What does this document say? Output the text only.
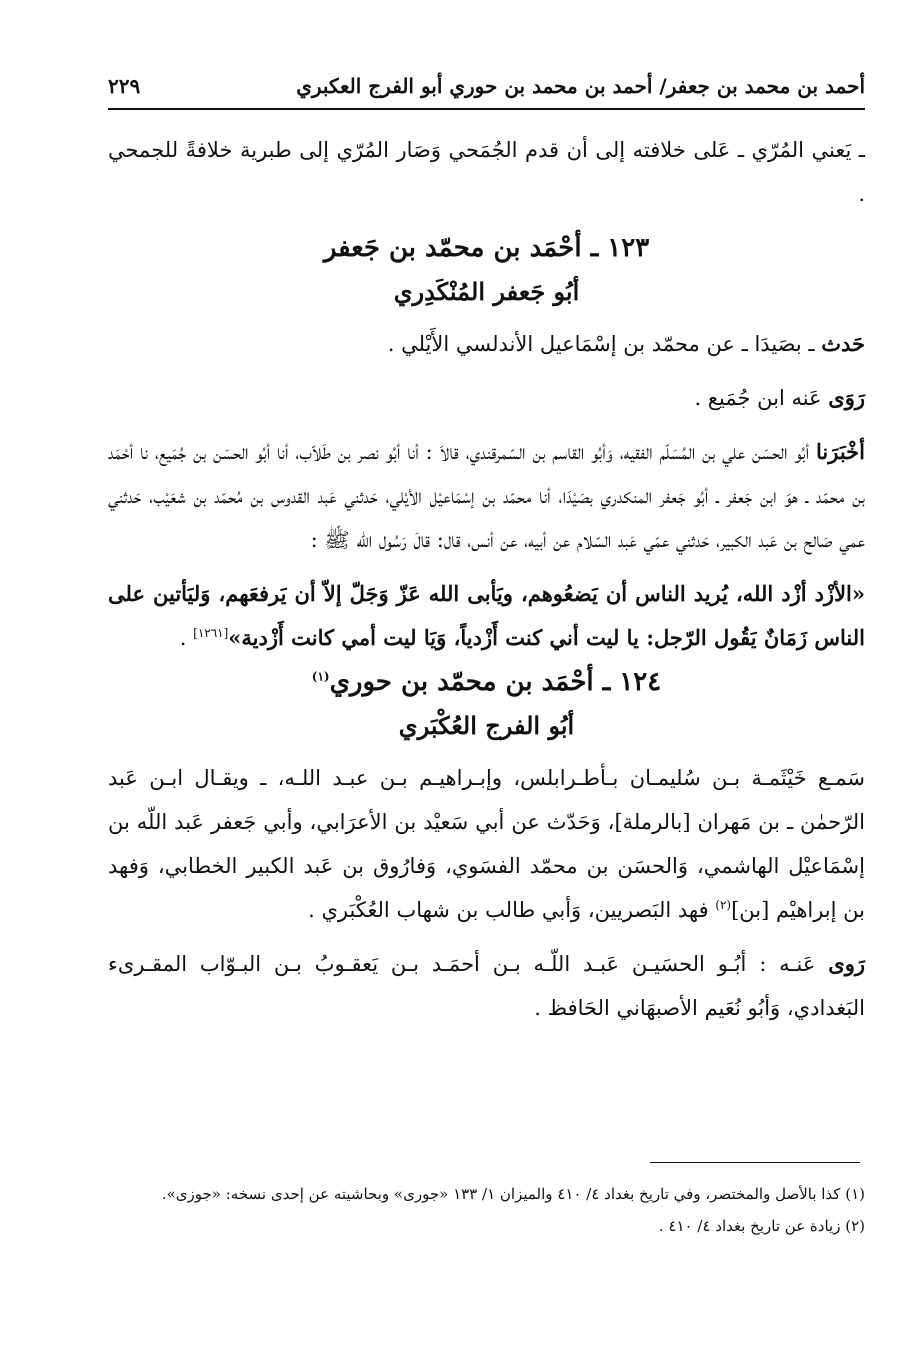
أحمد بن محمد بن جعفر/ أحمد بن محمد بن حوري أبو الفرج العكبري
٢٢٩

ـ يَعني المُرّي ـ عَلى خلافته إلى أن قدم الجُمَحي وَصَار المُرّي إلى طبرية خلافةً للجمحي .

١٢٣ ـ أحْمَد بن محمّد بن جَعفر
أبُو جَعفر المُنْكَدِري

حَدث ـ بصَيدَا ـ عن محمّد بن إسْمَاعيل الأندلسي الأَيْلي .

رَوَى عَنه ابن جُمَيع .

أخْبَرَنا أبُو الحسَن علي بن المُسَلّم الفقيه، وَأبُو القاسم بن السّمرقندي، قالاَ : أنا أبُو نصر بن طَلاّب، أنا أبُو الحسَن بن جُمَيع، نا أحْمَد بن محمّد ـ هوَ ابن جَعفر ـ أبُو جَعفر المنكدري بصَيْدَا، أنا محمّد بن إسْمَاعيْل الأيْلي، حَدثني عَبد القدوس بن مُحمّد بن شعَيْب، حَدثني عمي صَالح بن عَبد الكبير، حَدثني عمّي عَبد السّلام عن أبيه، عن أنس، قال: قالَ رَسُول الله ﷺ :

«الأزْد أزْد الله، يُريد الناس أن يَضعُوهم، ويَأبى الله عَزّ وَجَلّ إلاّ أن يَرفعَهم، وَليَأتين على الناس زَمَانٌ يَقُول الرّجل: يا ليت أني كنت أَزْدياً، وَيَا ليت أمي كانت أَزْدية»[١٢٦١] .

١٢٤ ـ أحْمَد بن محمّد بن حوري$^{(١)}$
أبُو الفرج العُكْبَري

سَمـع خَيْثَمـة بـن سُليمـان بـأطـرابلس، وإبـراهيـم بـن عبـد اللـه، ـ ويقـال ابـن عَبد الرّحمٰن ـ بن مَهران [بالرملة]، وَحَدّث عن أبي سَعيْد بن الأعرَابي، وأبي جَعفر عَبد اللّه بن إسْمَاعيْل الهاشمي، وَالحسَن بن محمّد الفسَوي، وَفارُوق بن عَبد الكبير الخطابي، وَفهد بن إبراهيْم [بن]$^{(٢)}$ فهد البَصريين، وَأبي طالب بن شهاب العُكْبَري .

رَوى عَنـه : أبُـو الحسَيـن عَبـد اللّـه بـن أحمَـد بـن يَعقـوبُ بـن البـوّاب المقـرىء البَغدادي، وَأبُو نُعَيم الأصبهَاني الحَافظ .

(١) كذا بالأصل والمختصر، وفي تاريخ بغداد ٤/ ٤١٠ والميزان ١/ ١٣٣ «جورى» وبحاشيته عن إحدى نسخه: «جوزى».

(٢) زيادة عن تاريخ بغداد ٤/ ٤١٠ .
